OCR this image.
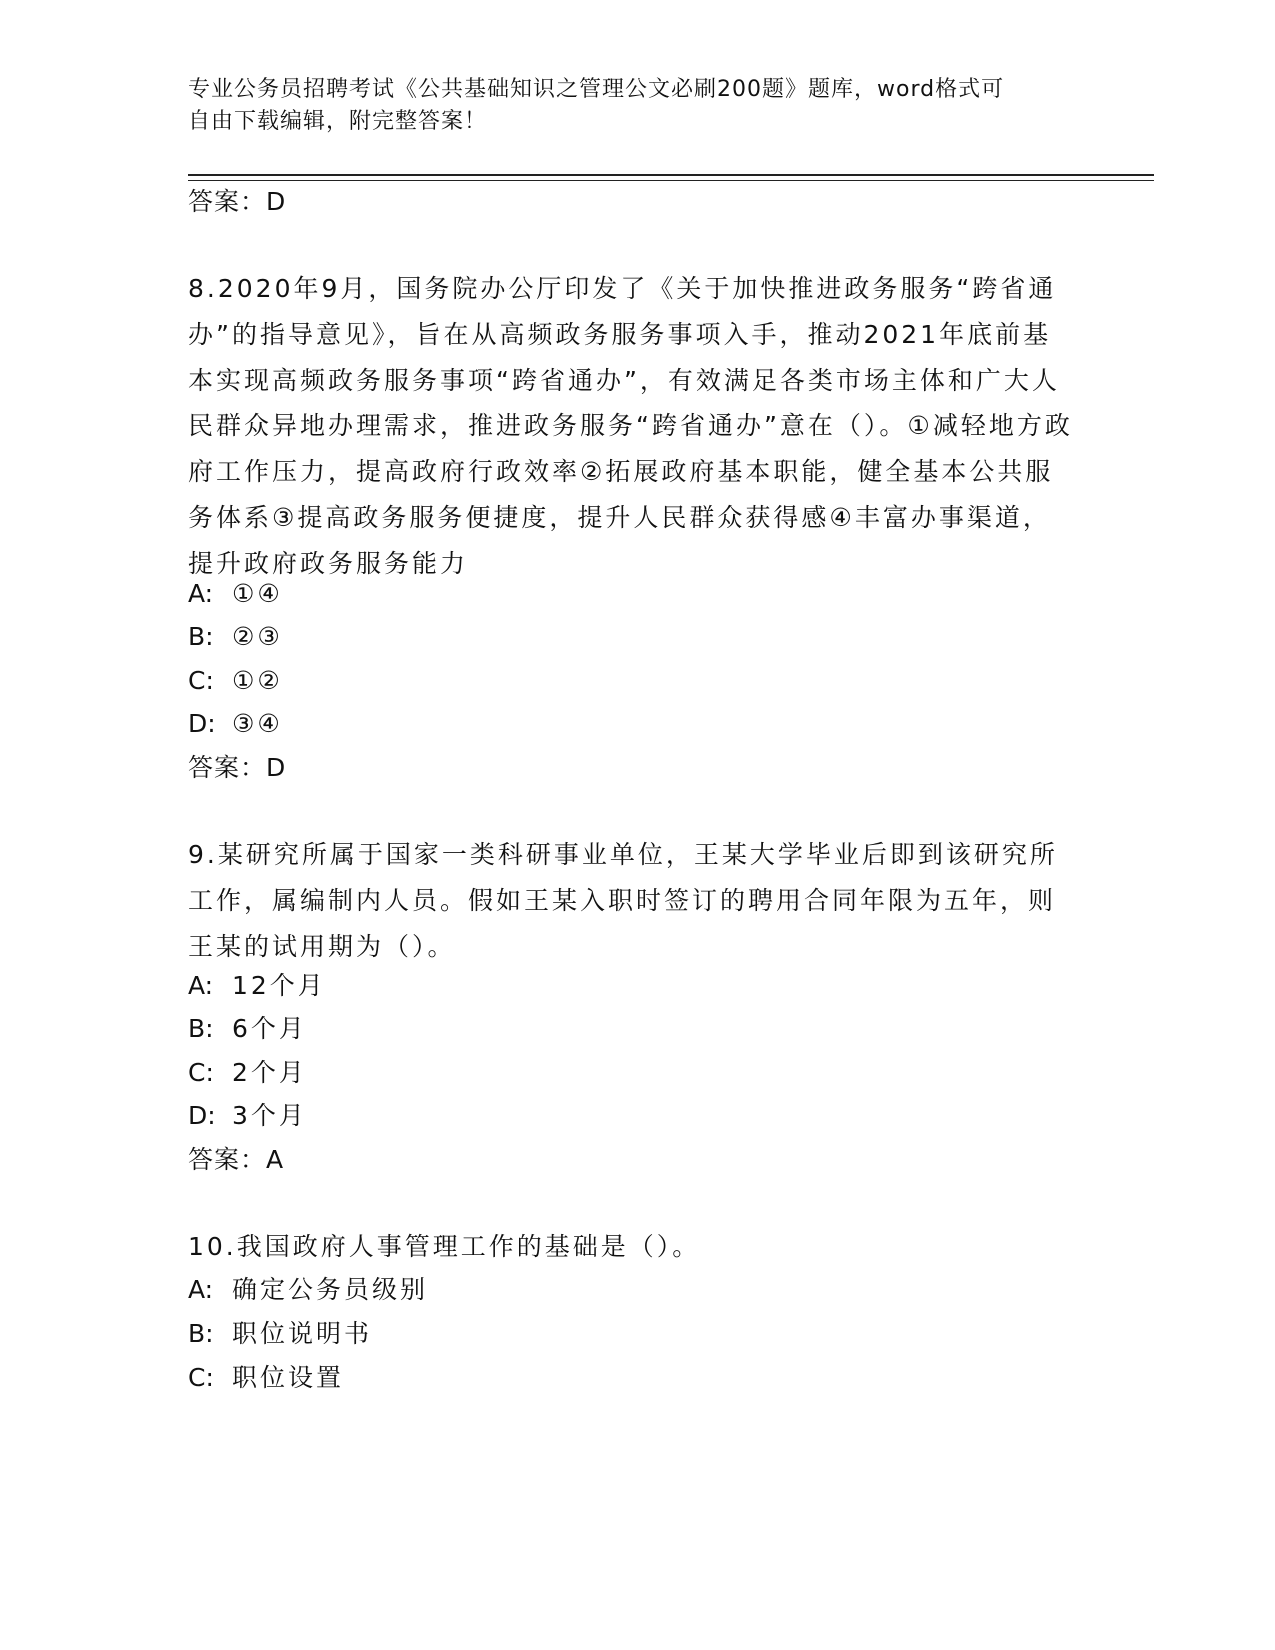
专业公务员招聘考试《公共基础知识之管理公文必刷200题》题库，word格式可
自由下载编辑，附完整答案！
答案：D
8.2020年9月，国务院办公厅印发了《关于加快推进政务服务“跨省通办”的指导意见》，旨在从高频政务服务事项入手，推动2021年底前基本实现高频政务服务事项“跨省通办”，有效满足各类市场主体和广大人民群众异地办理需求，推进政务服务“跨省通办”意在（）。①减轻地方政府工作压力，提高政府行政效率②拓展政府基本职能，健全基本公共服务体系③提高政务服务便捷度，提升人民群众获得感④丰富办事渠道，提升政府政务服务能力
A: ①④
B: ②③
C: ①②
D: ③④
答案：D
9.某研究所属于国家一类科研事业单位，王某大学毕业后即到该研究所工作，属编制内人员。假如王某入职时签订的聘用合同年限为五年，则王某的试用期为（）。
A: 12个月
B: 6个月
C: 2个月
D: 3个月
答案：A
10.我国政府人事管理工作的基础是（）。
A: 确定公务员级别
B: 职位说明书
C: 职位设置
